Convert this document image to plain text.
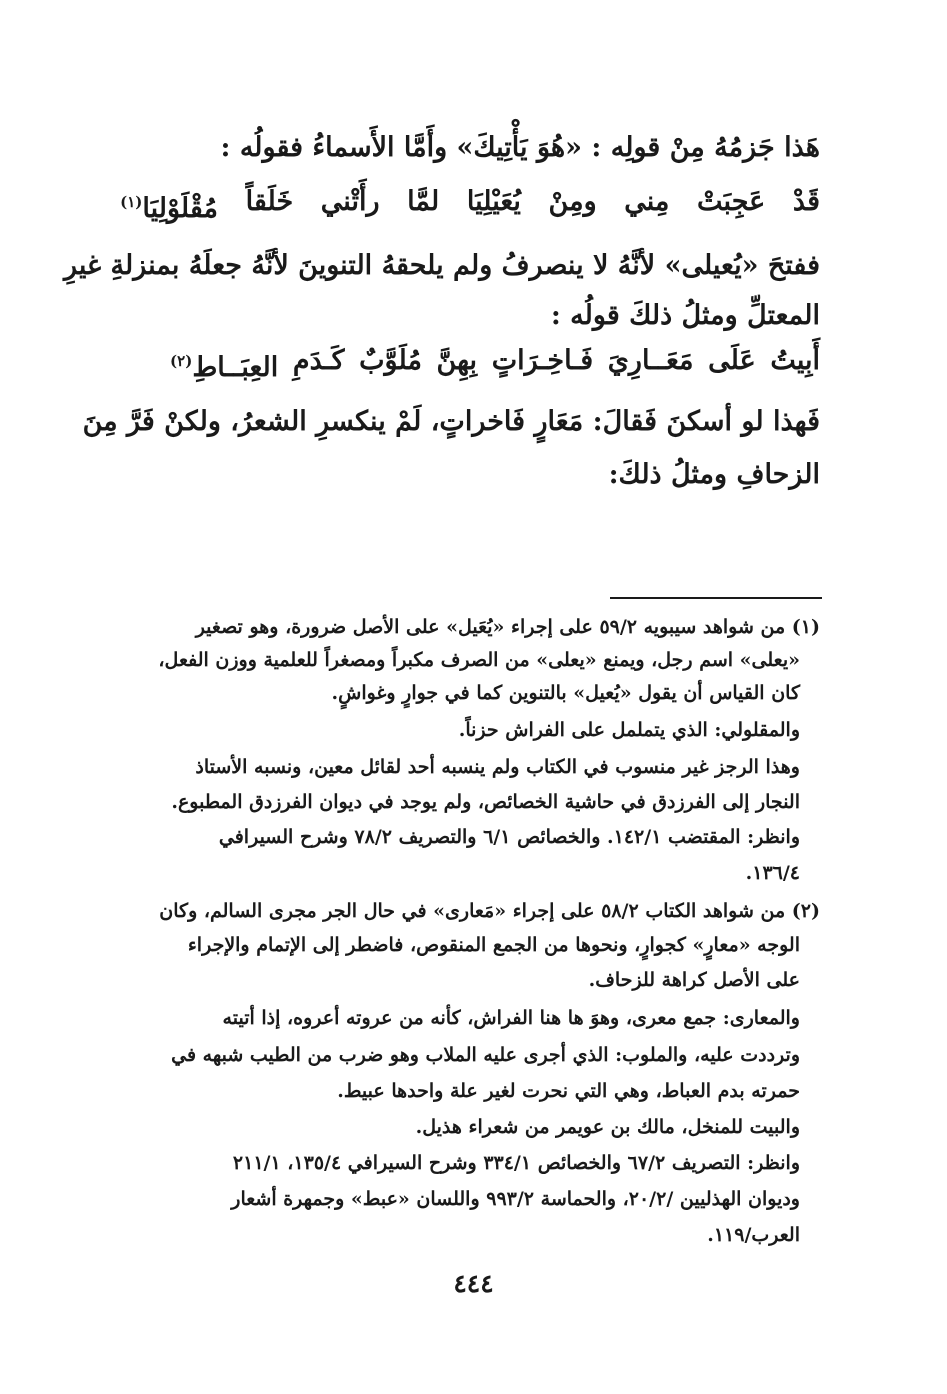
هَذا جَزمُهُ مِنْ قولِه : «هُوَ يَأْتِيكَ» وأَمَّا الأَسماءُ فقولُه :
قَدْ
عَجِبَتْ
مِني
ومِنْ
يُعَيْلِيَا
لمَّا
رأَتْني
خَلَقاً
مُقْلَوْلِيَا$^{(١)}$
ففتحَ «يُعيلى» لأنَّهُ لا ينصرفُ ولم يلحقهُ التنوينَ لأنَّهُ جعلَهُ بمنزلةِ غيرِ
المعتلِّ ومثلُ ذلكَ قولُه :
أَبِيتُ
عَلَى
مَعَــارِيَ
فَـاخِـرَاتٍ
بِهِنَّ
مُلَوَّبٌ
كَـدَمِ
العِبَــاطِ$^{(٢)}$
فَهذا لو أسكنَ فَقالَ: مَعَارٍ فَاخراتٍ، لَمْ ينكسرِ الشعرُ، ولكنْ فَرَّ مِنَ
الزحافِ ومثلُ ذلكَ:
(١) من شواهد سيبويه ٥٩/٢ على إجراء «يُعَيل» على الأصل ضرورة، وهو تصغير
«يعلى» اسم رجل، ويمنع «يعلى» من الصرف مكبراً ومصغراً للعلمية ووزن الفعل،
كان القياس أن يقول «يُعيل» بالتنوين كما في جوارٍ وغواشٍ.
والمقلولي: الذي يتململ على الفراش حزناً.
وهذا الرجز غير منسوب في الكتاب ولم ينسبه أحد لقائل معين، ونسبه الأستاذ
النجار إلى الفرزدق في حاشية الخصائص، ولم يوجد في ديوان الفرزدق المطبوع.
وانظر: المقتضب ١٤٢/١. والخصائص ٦/١ والتصريف ٧٨/٢ وشرح السيرافي
١٣٦/٤.
(٢) من شواهد الكتاب ٥٨/٢ على إجراء «مَعارى» في حال الجر مجرى السالم، وكان
الوجه «معارٍ» كجوارٍ، ونحوها من الجمع المنقوص، فاضطر إلى الإتمام والإجراء
على الأصل كراهة للزحاف.
والمعارى: جمع معرى، وهوَ ها هنا الفراش، كأنه من عروته أعروه، إذا أتيته
وترددت عليه، والملوب: الذي أجرى عليه الملاب وهو ضرب من الطيب شبهه في
حمرته بدم العباط، وهي التي نحرت لغير علة واحدها عبيط.
والبيت للمنخل، مالك بن عويمر من شعراء هذيل.
وانظر: التصريف ٦٧/٢ والخصائص ٣٣٤/١ وشرح السيرافي ١٣٥/٤، ٢١١/١
وديوان الهذليين /٢٠/٢، والحماسة ٩٩٣/٢ واللسان «عبط» وجمهرة أشعار
العرب/١١٩.
٤٤٤
